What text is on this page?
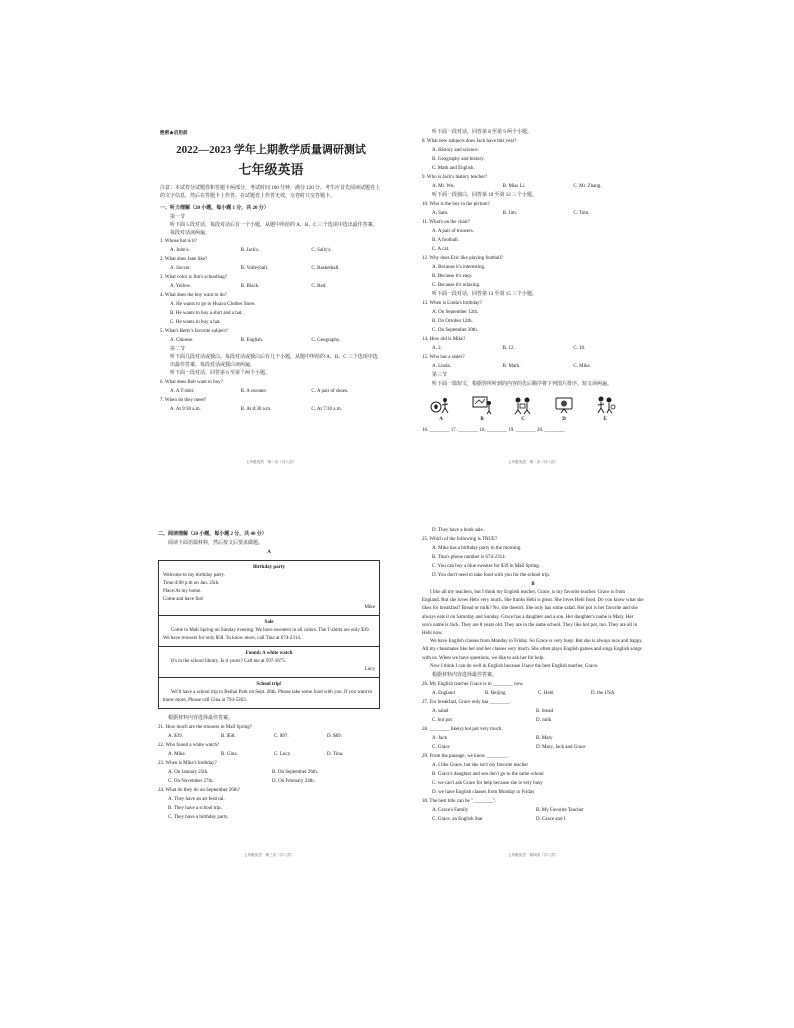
绝密★启用前

2022—2023 学年上期教学质量调研测试

七年级英语

注意：本试卷分试题卷和答题卡两部分，考试时间 100 分钟，满分 120 分。考生应首先阅读试题卷上的文字信息，然后在答题卡上作答，在试题卷上作答无效，交卷时只交答题卡。

一、听力理解（20 小题，每小题 1 分，共 20 分）

第一节

听下面 5 段对话，每段对话后有一个小题，从题中所给的 A、B、C 三个选项中选出最佳答案。每段对话读两遍。

1. Whose hat is it?

A. John's.	B. Jack's.	C. Sally's.

2. What does Jane like?

A. Soccer.	B. Volleyball.	C. Basketball.

3. What color is Jim's schoolbag?

A. Yellow.	B. Black.	C. Red.

4. What does the boy want to do?

A. He wants to go to Huaxu Clothes Store.

B. He wants to buy a shirt and a hat.

C. He wants to buy a hat.

5. What's Betty's favorite subject?

A. Chinese.	B. English.	C. Geography.

第二节

听下面几段对话或独白。每段对话或独白后有几个小题，从题中所给的 A、B、C 三个选项中选出最佳答案。每段对话或独白读两遍。

听下面一段对话，回答第 6 至第 7 两个小题。

6. What does Bob want to buy?

A. A T-shirt.	B. A sweater.	C. A pair of shoes.

7. When do they meet?

A. At 9:30 a.m.	B. At 8:30 a.m.	C. At 7:30 a.m.
七年级英语　第一页（共八页）

听下面一段对话，回答第 8 至第 9 两个小题。

8. What new subjects does Jack have this year?

A. History and science.

B. Geography and history.

C. Math and English.

9. Who is Jack's history teacher?

A. Mr. Wu.	B. Miss Li.	C. Mr. Zhang.

听下面一段独白，回答第 10 至第 12 三个小题。

10. Who is the boy in the picture?

A. Sam.	B. Jim.	C. Tom.

11. What's on the chair?

A. A pair of trousers.

B. A football.

C. A cat.

12. Why does Eric like playing football?

A. Because it's interesting.

B. Because it's easy.

C. Because it's relaxing.

听下面一段对话，回答第 13 至第 15 三个小题。

13. When is Linda's birthday?

A. On September 12th.

B. On October 12th.

C. On September 20th.

14. How old is Mike?

A. 2.	B. 12.	C. 10.

15. Who has a sister?

A. Linda.	B. Mark.	C. Mike.

第三节

听下面一篇短文，根据你所听到的内容的先后顺序将下列图片排序。短文读两遍。

A	B	C	D	E

16. ________ 17. ________ 18. ________ 19. ________ 20. ________

七年级英语　第二页（共八页）

二、阅读理解（20 小题，每小题 2 分，共 40 分）

阅读下面语篇材料，然后按文后要求做题。

A

Birthday party

Welcome to my birthday party.

Time:4:00 p.m on Jan. 25th.

Place:At my home.

Come and have fun!

Mike

Sale

Come to Mall Spring on Sunday evening. We have sweaters in all colors. The T-shirts are only $39. We have trousers for only $58. To know more, call Tina at 674-2314.

Found: A white watch

It's in the school library. Is it yours? Call me at 597-3675.

Lucy

School trip!

We'll have a school trip to Beihai Park on Sept. 26th. Please take some food with you. If you want to know more, Please call Gina at 794-5263.

根据材料内容选择最佳答案。

21. How much are the trousers in Mall Spring?

A. $39.	B. $58.	C. $97.	D. $89.

22. Who found a white watch?

A. Mike.	B. Gina.	C. Lucy.	D. Tina.

23. When is Mike's birthday?

A. On January 25th.	B. On September 26th.
C. On November 27th.	D. On February 24th.

24. What do they do on September 26th?

A. They have an art festival.

B. They have a school trip.

C. They have a birthday party.

七年级英语　第三页（共八页）

D. They have a book sale.

25. Which of the following is TRUE?

A. Mike has a birthday party in the morning.

B. Tina's phone number is 674-2314.

C. You can buy a blue sweater for $39 in Mall Spring.

D. You don't need to take food with you for the school trip.

B

I like all my teachers, but I think my English teacher, Grace, is my favorite teacher. Grace is from England. But she loves Hebi very much. She thinks Hebi is great. She loves Hebi food. Do you know what she likes for breakfast? Bread or milk? No, she doesn't. She only has some salad. Hot pot is her favorite and she always eats it on Saturday and Sunday. Grace has a daughter and a son. Her daughter's name is Mary. Her son's name is Jack. They are 8 years old. They are in the same school. They like hot pot, too. They are all in Hebi now.

We have English classes from Monday to Friday. So Grace is very busy. But she is always nice and happy. All my classmates like her and her classes very much. She often plays English games and sings English songs with us. When we have questions, we like to ask her for help.

Now I think I can do well in English because I have the best English teacher, Grace.

根据材料内容选择最佳答案。

26. My English teacher Grace is in ________ now.

A. England	B. Beijing	C. Hebi	D. the USA

27. For breakfast, Grace only has ________.

A. salad	B. bread
C. hot pot	D. milk

28. ________ like(s) hot pot very much.

A. Jack	B. Mary
C. Grace	D. Mary, Jack and Grace

29. From the passage, we know ________.

A. I like Grace, but she isn't my favorite teacher

B. Grace's daughter and son don't go to the same school

C. we can't ask Grace for help because she is very busy

D. we have English classes from Monday to Friday

30. The best title can be "________".

A. Grace's Family	B. My Favorite Teacher
C. Grace, an English Star	D. Grace and I
七年级英语　第四页（共八页）
